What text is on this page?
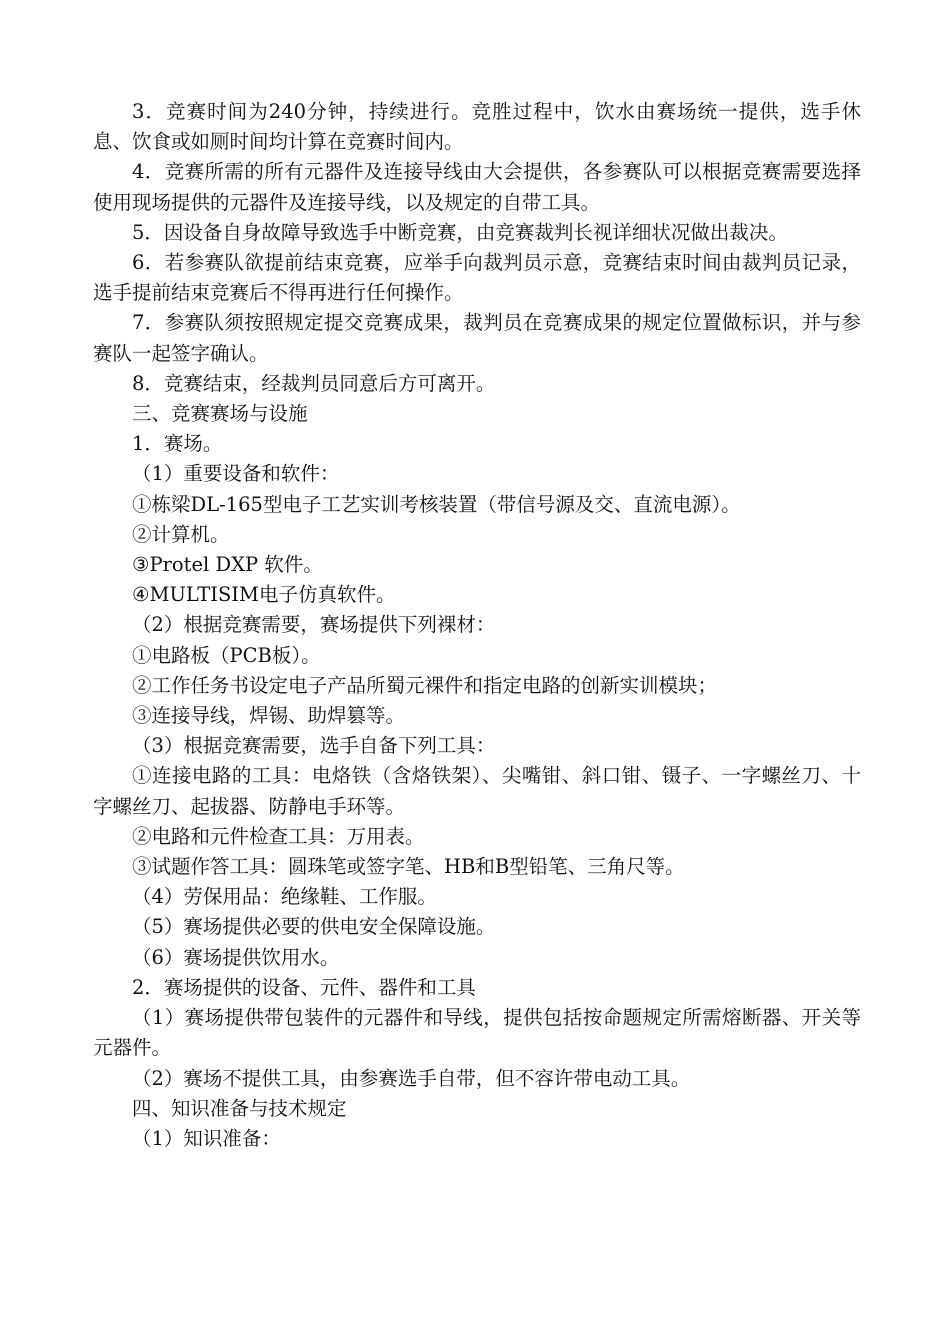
3．竞赛时间为240分钟，持续进行。竞胜过程中，饮水由赛场统一提供，选手休息、饮食或如厕时间均计算在竞赛时间内。

4．竞赛所需的所有元器件及连接导线由大会提供，各参赛队可以根据竞赛需要选择使用现场提供的元器件及连接导线，以及规定的自带工具。

5．因设备自身故障导致选手中断竞赛，由竞赛裁判长视详细状况做出裁决。

6．若参赛队欲提前结束竞赛，应举手向裁判员示意，竞赛结束时间由裁判员记录，选手提前结束竞赛后不得再进行任何操作。

7．参赛队须按照规定提交竞赛成果，裁判员在竞赛成果的规定位置做标识，并与参赛队一起签字确认。

8．竞赛结束，经裁判员同意后方可离开。

三、竞赛赛场与设施

1．赛场。

（1）重要设备和软件：

①栋梁DL-165型电子工艺实训考核装置（带信号源及交、直流电源）。

②计算机。

③Protel DXP 软件。

④MULTISIM电子仿真软件。

（2）根据竞赛需要，赛场提供下列裸材：

①电路板（PCB板）。

②工作任务书设定电子产品所蜀元裸件和指定电路的创新实训模块；

③连接导线，焊锡、助焊篡等。

（3）根据竞赛需要，选手自备下列工具：

①连接电路的工具：电烙铁（含烙铁架）、尖嘴钳、斜口钳、镊子、一字螺丝刀、十字螺丝刀、起拔器、防静电手环等。

②电路和元件检查工具：万用表。

③试题作答工具：圆珠笔或签字笔、HB和B型铅笔、三角尺等。

（4）劳保用品：绝缘鞋、工作服。

（5）赛场提供必要的供电安全保障设施。

（6）赛场提供饮用水。

2．赛场提供的设备、元件、器件和工具

（1）赛场提供带包装件的元器件和导线，提供包括按命题规定所需熔断器、开关等元器件。

（2）赛场不提供工具，由参赛选手自带，但不容许带电动工具。

四、知识准备与技术规定

（1）知识准备：
